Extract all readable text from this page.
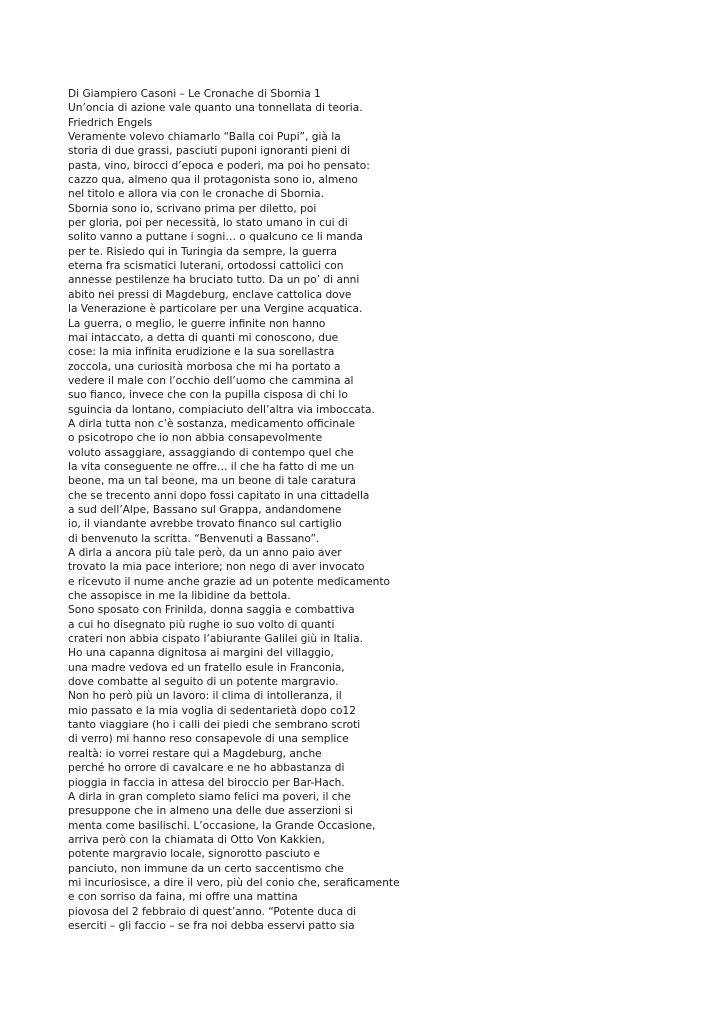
Di Giampiero Casoni – Le Cronache di Sbornia 1
Un’oncia di azione vale quanto una tonnellata di teoria.
Friedrich Engels
Veramente volevo chiamarlo “Balla coi Pupi”, già la
storia di due grassi, pasciuti puponi ignoranti pieni di
pasta, vino, birocci d’epoca e poderi, ma poi ho pensato:
cazzo qua, almeno qua il protagonista sono io, almeno
nel titolo e allora via con le cronache di Sbornia.
Sbornia sono io, scrivano prima per diletto, poi
per gloria, poi per necessità, lo stato umano in cui di
solito vanno a puttane i sogni… o qualcuno ce li manda
per te. Risiedo qui in Turingia da sempre, la guerra
eterna fra scismatici luterani, ortodossi cattolici con
annesse pestilenze ha bruciato tutto. Da un po’ di anni
abito nei pressi di Magdeburg, enclave cattolica dove
la Venerazione è particolare per una Vergine acquatica.
La guerra, o meglio, le guerre infinite non hanno
mai intaccato, a detta di quanti mi conoscono, due
cose: la mia infinita erudizione e la sua sorellastra
zoccola, una curiosità morbosa che mi ha portato a
vedere il male con l’occhio dell’uomo che cammina al
suo fianco, invece che con la pupilla cisposa di chi lo
sguincia da lontano, compiaciuto dell’altra via imboccata.
A dirla tutta non c’è sostanza, medicamento officinale
o psicotropo che io non abbia consapevolmente
voluto assaggiare, assaggiando di contempo quel che
la vita conseguente ne offre… il che ha fatto di me un
beone, ma un tal beone, ma un beone di tale caratura
che se trecento anni dopo fossi capitato in una cittadella
a sud dell’Alpe, Bassano sul Grappa, andandomene
io, il viandante avrebbe trovato financo sul cartiglio
di benvenuto la scritta. “Benvenuti a Bassano”.
A dirla a ancora più tale però, da un anno paio aver
trovato la mia pace interiore; non nego di aver invocato
e ricevuto il nume anche grazie ad un potente medicamento
che assopisce in me la libidine da bettola.
Sono sposato con Frinilda, donna saggia e combattiva
a cui ho disegnato più rughe io suo volto di quanti
crateri non abbia cispato l’abiurante Galilei giù in Italia.
Ho una capanna dignitosa ai margini del villaggio,
una madre vedova ed un fratello esule in Franconia,
dove combatte al seguito di un potente margravio.
Non ho però più un lavoro: il clima di intolleranza, il
mio passato e la mia voglia di sedentarietà dopo co12
tanto viaggiare (ho i calli dei piedi che sembrano scroti
di verro) mi hanno reso consapevole di una semplice
realtà: io vorrei restare qui a Magdeburg, anche
perché ho orrore di cavalcare e ne ho abbastanza di
pioggia in faccia in attesa del biroccio per Bar-Hach.
A dirla in gran completo siamo felici ma poveri, il che
presuppone che in almeno una delle due asserzioni si
menta come basilischi. L’occasione, la Grande Occasione,
arriva però con la chiamata di Otto Von Kakkien,
potente margravio locale, signorotto pasciuto e
panciuto, non immune da un certo saccentismo che
mi incuriosisce, a dire il vero, più del conio che, seraficamente
e con sorriso da faina, mi offre una mattina
piovosa del 2 febbraio di quest’anno. “Potente duca di
eserciti – gli faccio – se fra noi debba esservi patto sia
